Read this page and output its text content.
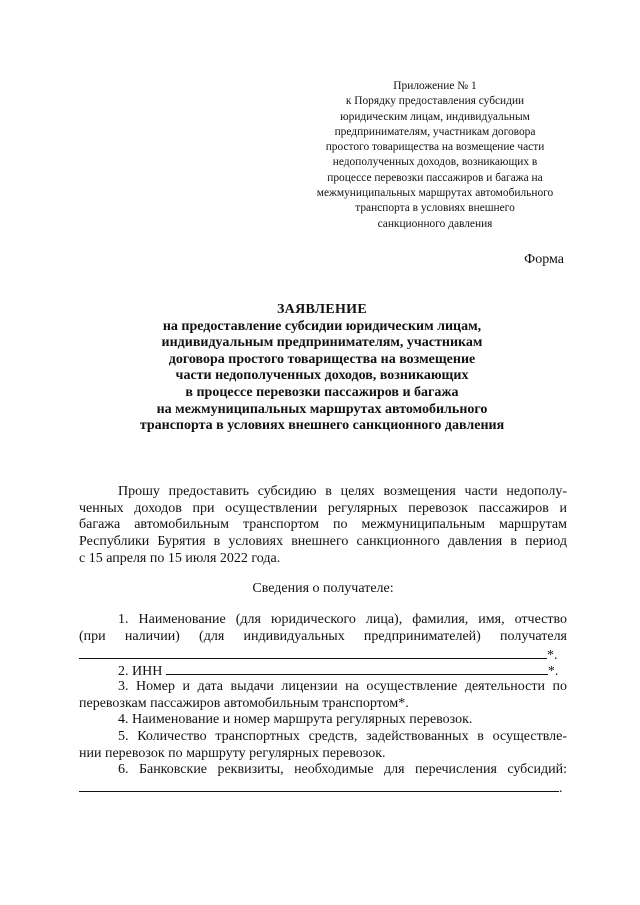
Приложение № 1
к Порядку предоставления субсидии
юридическим лицам, индивидуальным
предпринимателям, участникам договора
простого товарищества на возмещение части
недополученных доходов, возникающих в
процессе перевозки пассажиров и багажа на
межмуниципальных маршрутах автомобильного
транспорта в условиях внешнего
санкционного давления
Форма
ЗАЯВЛЕНИЕ
на предоставление субсидии юридическим лицам,
индивидуальным предпринимателям, участникам
договора простого товарищества на возмещение
части недополученных доходов, возникающих
в процессе перевозки пассажиров и багажа
на межмуниципальных маршрутах автомобильного
транспорта в условиях внешнего санкционного давления
Прошу предоставить субсидию в целях возмещения части недополу-
ченных доходов при осуществлении регулярных перевозок пассажиров и
багажа автомобильным транспортом по межмуниципальным маршрутам
Республики Бурятия в условиях внешнего санкционного давления в период
с 15 апреля по 15 июля 2022 года.
Сведения о получателе:
1. Наименование (для юридического лица), фамилия, имя, отчество
(при наличии) (для индивидуальных предпринимателей) получателя
*.
2. ИНН	*.
3. Номер и дата выдачи лицензии на осуществление деятельности по
перевозкам пассажиров автомобильным транспортом*.
4. Наименование и номер маршрута регулярных перевозок.
5. Количество транспортных средств, задействованных в осуществле-
нии перевозок по маршруту регулярных перевозок.
6. Банковские реквизиты, необходимые для перечисления субсидий:
.
